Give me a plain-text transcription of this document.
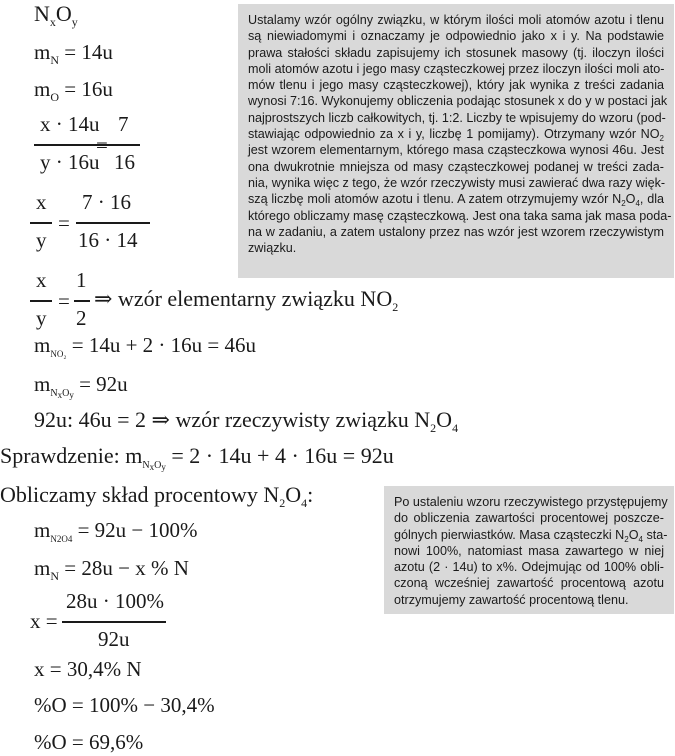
$N_xO_y$
$m_N = 14u$
$m_O = 16u$
x · 14u
y · 16u
=
7
16
x
y
=
7 · 16
16 · 14
x
y
=
1
2
⇒ wzór elementarny związku $NO_2$
$m_{NO_2} = 14u + 2 \cdot 16u = 46u$
$m_{N_xO_y} = 92u$
92u: 46u = 2 ⇒ wzór rzeczywisty związku $N_2O_4$
Sprawdzenie: $m_{N_xO_y} = 2 \cdot 14u + 4 \cdot 16u = 92u$
Obliczamy skład procentowy $N_2O_4$:
$m_{N2O4} = 92u - 100\%$
$m_N = 28u - x$ % N
x =
28u · 100%
92u
x = 30,4% N
%O = 100% − 30,4%
%O = 69,6%
Ustalamy wzór ogólny związku, w którym ilości moli atomów azotu i tlenu
są niewiadomymi i oznaczamy je odpowiednio jako x i y. Na podstawie
prawa stałości składu zapisujemy ich stosunek masowy (tj. iloczyn ilości
moli atomów azotu i jego masy cząsteczkowej przez iloczyn ilości moli ato-
mów tlenu i jego masy cząsteczkowej), który jak wynika z treści zadania
wynosi 7:16. Wykonujemy obliczenia podając stosunek x do y w postaci jak
najprostszych liczb całkowitych, tj. 1:2. Liczby te wpisujemy do wzoru (pod-
stawiając odpowiednio za x i y, liczbę 1 pomijamy). Otrzymany wzór $NO_2$
jest wzorem elementarnym, którego masa cząsteczkowa wynosi 46u. Jest
ona dwukrotnie mniejsza od masy cząsteczkowej podanej w treści zada-
nia, wynika więc z tego, że wzór rzeczywisty musi zawierać dwa razy więk-
szą liczbę moli atomów azotu i tlenu. A zatem otrzymujemy wzór $N_2O_4$, dla
którego obliczamy masę cząsteczkową. Jest ona taka sama jak masa poda-
na w zadaniu, a zatem ustalony przez nas wzór jest wzorem rzeczywistym
związku.
Po ustaleniu wzoru rzeczywistego przystępujemy
do obliczenia zawartości procentowej poszcze-
gólnych pierwiastków. Masa cząsteczki $N_2O_4$ sta-
nowi 100%, natomiast masa zawartego w niej
azotu (2 · 14u) to x%. Odejmując od 100% obli-
czoną wcześniej zawartość procentową azotu
otrzymujemy zawartość procentową tlenu.
